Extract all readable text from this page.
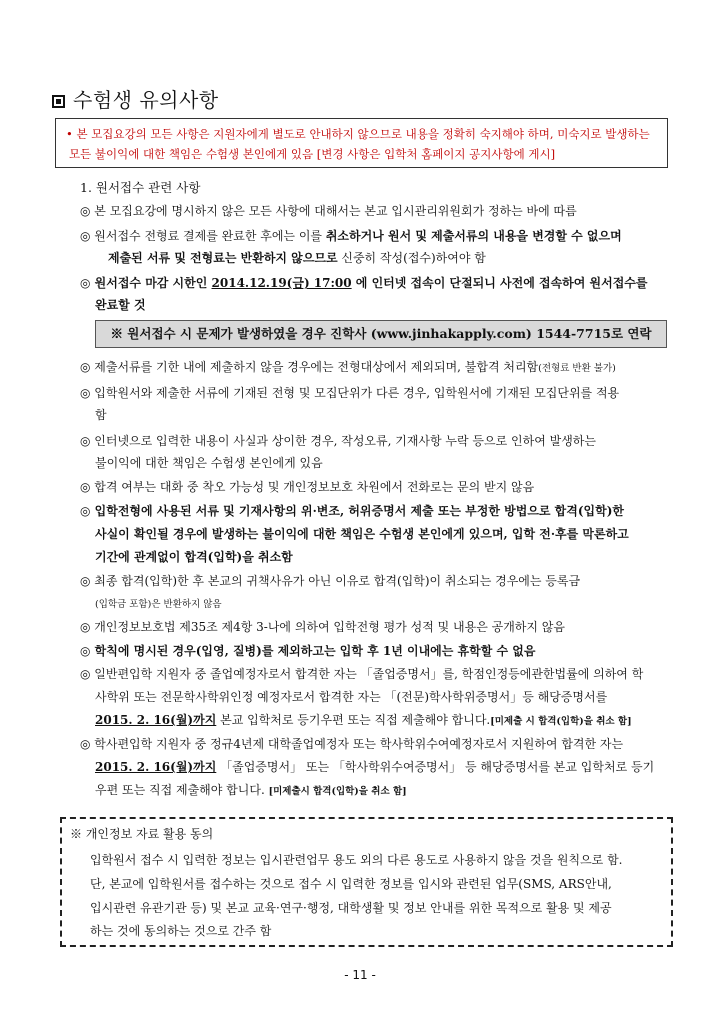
수험생 유의사항
• 본 모집요강의 모든 사항은 지원자에게 별도로 안내하지 않으므로 내용을 정확히 숙지해야 하며, 미숙지로 발생하는
모든 불이익에 대한 책임은 수험생 본인에게 있음 [변경 사항은 입학처 홈페이지 공지사항에 게시]
1. 원서접수 관련 사항
◎ 본 모집요강에 명시하지 않은 모든 사항에 대해서는 본교 입시관리위원회가 정하는 바에 따름
◎ 원서접수 전형료 결제를 완료한 후에는 이를 취소하거나 원서 및 제출서류의 내용을 변경할 수 없으며
제출된 서류 및 전형료는 반환하지 않으므로 신중히 작성(접수)하여야 함
◎ 원서접수 마감 시한인 2014.12.19(금) 17:00 에 인터넷 접속이 단절되니 사전에 접속하여 원서접수를
완료할 것
※ 원서접수 시 문제가 발생하였을 경우 진학사 (www.jinhakapply.com) 1544-7715로 연락
◎ 제출서류를 기한 내에 제출하지 않을 경우에는 전형대상에서 제외되며, 불합격 처리함(전형료 반환 불가)
◎ 입학원서와 제출한 서류에 기재된 전형 및 모집단위가 다른 경우, 입학원서에 기재된 모집단위를 적용
함
◎ 인터넷으로 입력한 내용이 사실과 상이한 경우, 작성오류, 기재사항 누락 등으로 인하여 발생하는
불이익에 대한 책임은 수험생 본인에게 있음
◎ 합격 여부는 대화 중 착오 가능성 및 개인정보보호 차원에서 전화로는 문의 받지 않음
◎ 입학전형에 사용된 서류 및 기재사항의 위·변조, 허위증명서 제출 또는 부정한 방법으로 합격(입학)한
사실이 확인될 경우에 발생하는 불이익에 대한 책임은 수험생 본인에게 있으며, 입학 전·후를 막론하고
기간에 관계없이 합격(입학)을 취소함
◎ 최종 합격(입학)한 후 본교의 귀책사유가 아닌 이유로 합격(입학)이 취소되는 경우에는 등록금
(입학금 포함)은 반환하지 않음
◎ 개인정보보호법 제35조 제4항 3-나에 의하여 입학전형 평가 성적 및 내용은 공개하지 않음
◎ 학칙에 명시된 경우(입영, 질병)를 제외하고는 입학 후 1년 이내에는 휴학할 수 없음
◎ 일반편입학 지원자 중 졸업예정자로서 합격한 자는 「졸업증명서」를, 학점인정등에관한법률에 의하여 학
사학위 또는 전문학사학위인정 예정자로서 합격한 자는 「(전문)학사학위증명서」등 해당증명서를
2015. 2. 16(월)까지 본교 입학처로 등기우편 또는 직접 제출해야 합니다.[미제출 시 합격(입학)을 취소 함]
◎ 학사편입학 지원자 중 정규4년제 대학졸업예정자 또는 학사학위수여예정자로서 지원하여 합격한 자는
2015. 2. 16(월)까지 「졸업증명서」 또는 「학사학위수여증명서」 등 해당증명서를 본교 입학처로 등기
우편 또는 직접 제출해야 합니다. [미제출시 합격(입학)을 취소 함]
※ 개인정보 자료 활용 동의
입학원서 접수 시 입력한 정보는 입시관련업무 용도 외의 다른 용도로 사용하지 않을 것을 원칙으로 함.
단, 본교에 입학원서를 접수하는 것으로 접수 시 입력한 정보를 입시와 관련된 업무(SMS, ARS안내,
입시관련 유관기관 등) 및 본교 교육·연구·행정, 대학생활 및 정보 안내를 위한 목적으로 활용 및 제공
하는 것에 동의하는 것으로 간주 함
- 11 -
